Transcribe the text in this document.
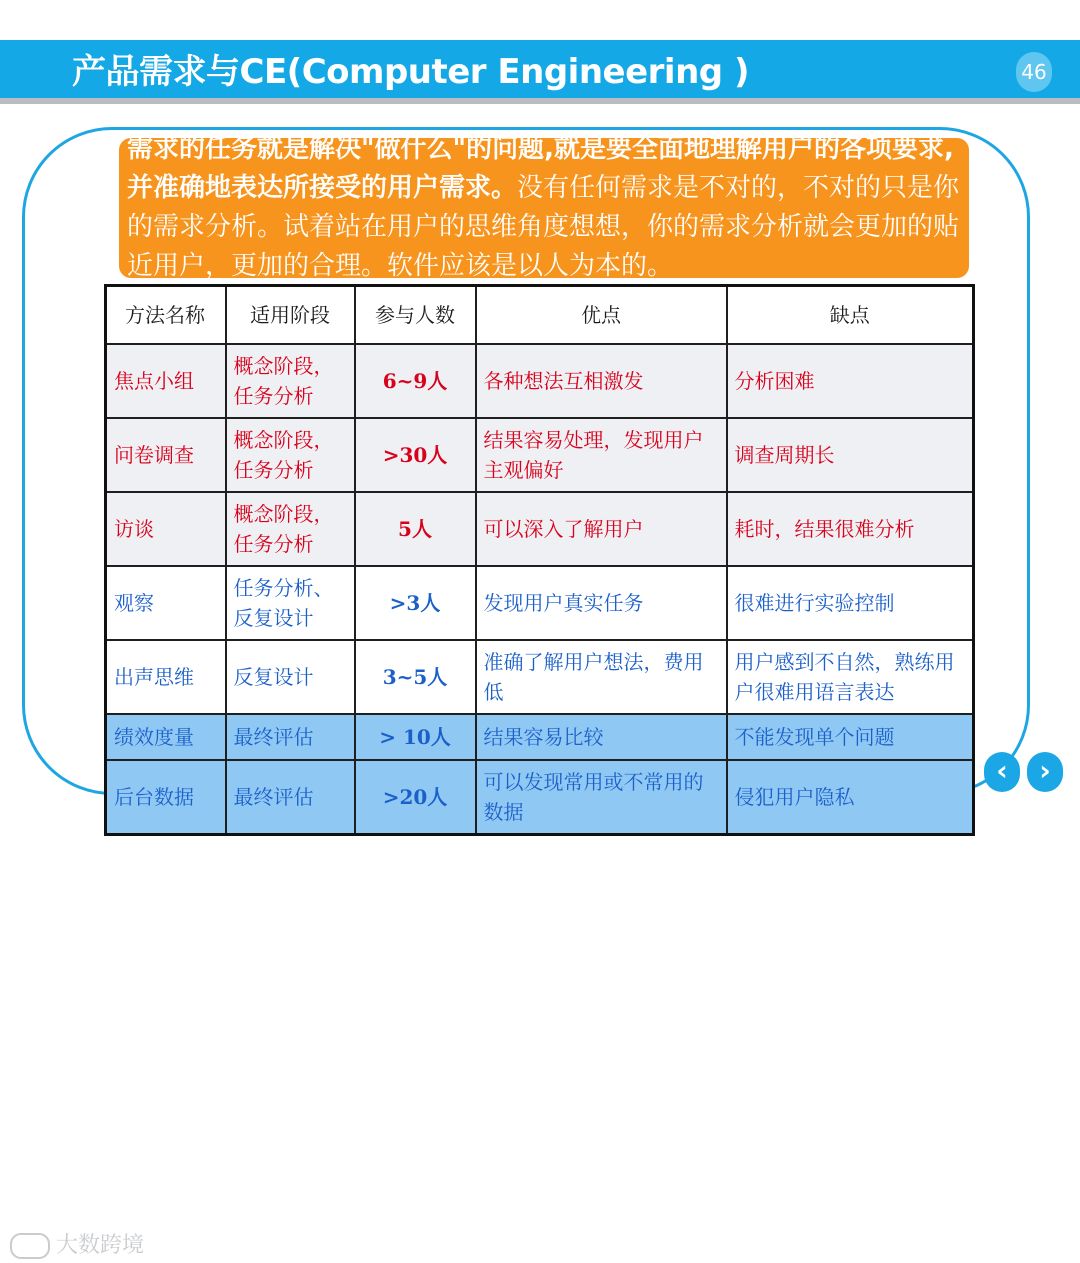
产品需求与CE(Computer Engineering )	46

需求的任务就是解决"做什么"的问题,就是要全面地理解用户的各项要求,并准确地表达所接受的用户需求。没有任何需求是不对的，不对的只是你的需求分析。试着站在用户的思维角度想想，你的需求分析就会更加的贴近用户，更加的合理。软件应该是以人为本的。

方法名称	适用阶段	参与人数	优点	缺点
焦点小组	概念阶段，任务分析	6~9人	各种想法互相激发	分析困难
问卷调查	概念阶段，任务分析	>30人	结果容易处理，发现用户主观偏好	调查周期长
访谈	概念阶段，任务分析	5人	可以深入了解用户	耗时，结果很难分析
观察	任务分析、反复设计	>3人	发现用户真实任务	很难进行实验控制
出声思维	反复设计	3~5人	准确了解用户想法，费用低	用户感到不自然，熟练用户很难用语言表达
绩效度量	最终评估	> 10人	结果容易比较	不能发现单个问题
后台数据	最终评估	>20人	可以发现常用或不常用的数据	侵犯用户隐私
‹	›
大数跨境
